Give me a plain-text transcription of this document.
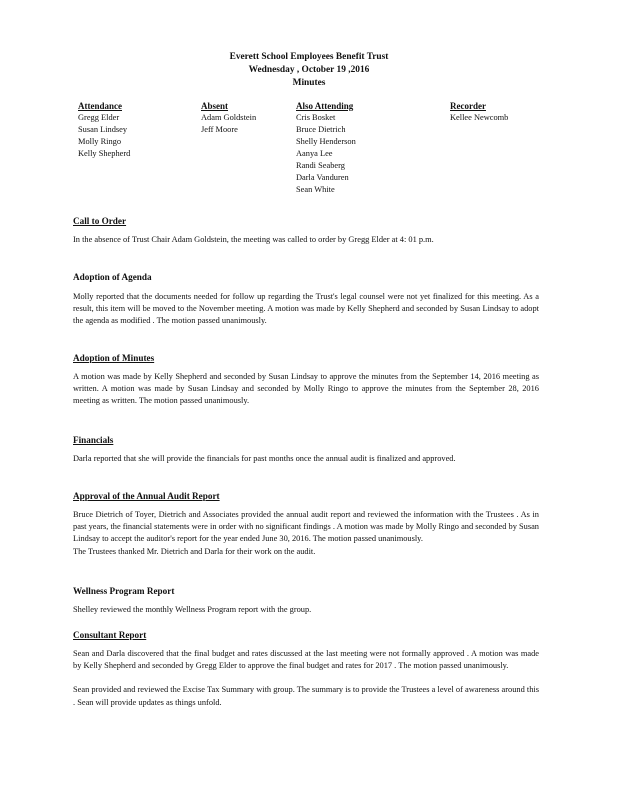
Everett School Employees Benefit Trust
Wednesday , October 19 ,2016
Minutes
Attendance
Gregg Elder
Susan Lindsey
Molly Ringo
Kelly Shepherd
Absent
Adam Goldstein
Jeff Moore
Also Attending
Cris Bosket
Bruce Dietrich
Shelly Henderson
Aanya Lee
Randi Seaberg
Darla Vanduren
Sean White
Recorder
Kellee Newcomb
Call to Order

In the absence of Trust Chair Adam Goldstein, the meeting was called to order by Gregg Elder at 4: 01 p.m.

Adoption of Agenda

Molly reported that the documents needed for follow up regarding the Trust's legal counsel were not yet finalized for this meeting. As a result, this item will be moved to the November meeting. A motion was made by Kelly Shepherd and seconded by Susan Lindsay to adopt the agenda as modified . The motion passed unanimously.

Adoption of Minutes

A motion was made by Kelly Shepherd and seconded by Susan Lindsay to approve the minutes from the September 14, 2016 meeting as written. A motion was made by Susan Lindsay and seconded by Molly Ringo to approve the minutes from the September 28, 2016 meeting as written. The motion passed unanimously.

Financials

Darla reported that she will provide the financials for past months once the annual audit is finalized and approved.

Approval of the Annual Audit Report

Bruce Dietrich of Toyer, Dietrich and Associates provided the annual audit report and reviewed the information with the Trustees . As in past years, the financial statements were in order with no significant findings . A motion was made by Molly Ringo and seconded by Susan Lindsay to accept the auditor's report for the year ended June 30, 2016. The motion passed unanimously.

The Trustees thanked Mr. Dietrich and Darla for their work on the audit.

Wellness Program Report

Shelley reviewed the monthly Wellness Program report with the group.

Consultant Report

Sean and Darla discovered that the final budget and rates discussed at the last meeting were not formally approved . A motion was made by Kelly Shepherd and seconded by Gregg Elder to approve the final budget and rates for 2017 . The motion passed unanimously.

Sean provided and reviewed the Excise Tax Summary with group. The summary is to provide the Trustees a level of awareness around this . Sean will provide updates as things unfold.
